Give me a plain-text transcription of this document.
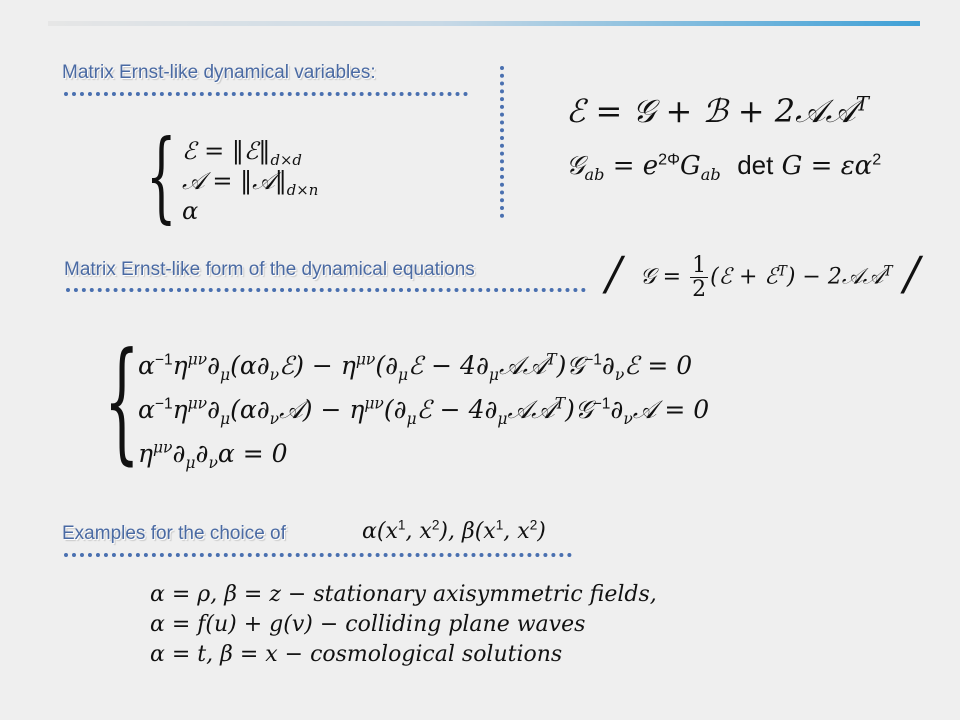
Matrix Ernst-like dynamical variables:
{ ℰ = $‖ℰ‖_{d\times d}$
𝒜 = $‖𝒜‖_{d\times n}$
α
ℰ = 𝒢 + ℬ + 2𝒜𝒜$^T$
𝒢$_{ab}$ = $e^{2\Phi}G_{ab}$ $\det G = \varepsilon\alpha^2$
Matrix Ernst-like form of the dynamical equations	/ 𝒢 = $\frac{1}{2}$ (ℰ + ℰ$^T$) − 2𝒜𝒜$^T$ /
{
$\alpha^{-1}\eta^{\mu\nu}\partial_\mu(\alpha\partial_\nu ℰ)$ − $\eta^{\mu\nu}(\partial_\mu ℰ$ − $4\partial_\mu 𝒜𝒜^T)𝒢^{-1}\partial_\nu ℰ = 0$
$\alpha^{-1}\eta^{\mu\nu}\partial_\mu(\alpha\partial_\nu 𝒜)$ − $\eta^{\mu\nu}(\partial_\mu ℰ$ − $4\partial_\mu 𝒜𝒜^T)𝒢^{-1}\partial_\nu 𝒜 = 0$
$\eta^{\mu\nu}\partial_\mu\partial_\nu\alpha = 0$
Examples for the choice of	$\alpha(x^1$, $x^2$), $\beta(x^1$, $x^2$)
α = ρ, β = z − stationary axisymmetric fields,
α = f(u) + g(v) − colliding plane waves
α = t, β = x − cosmological solutions
